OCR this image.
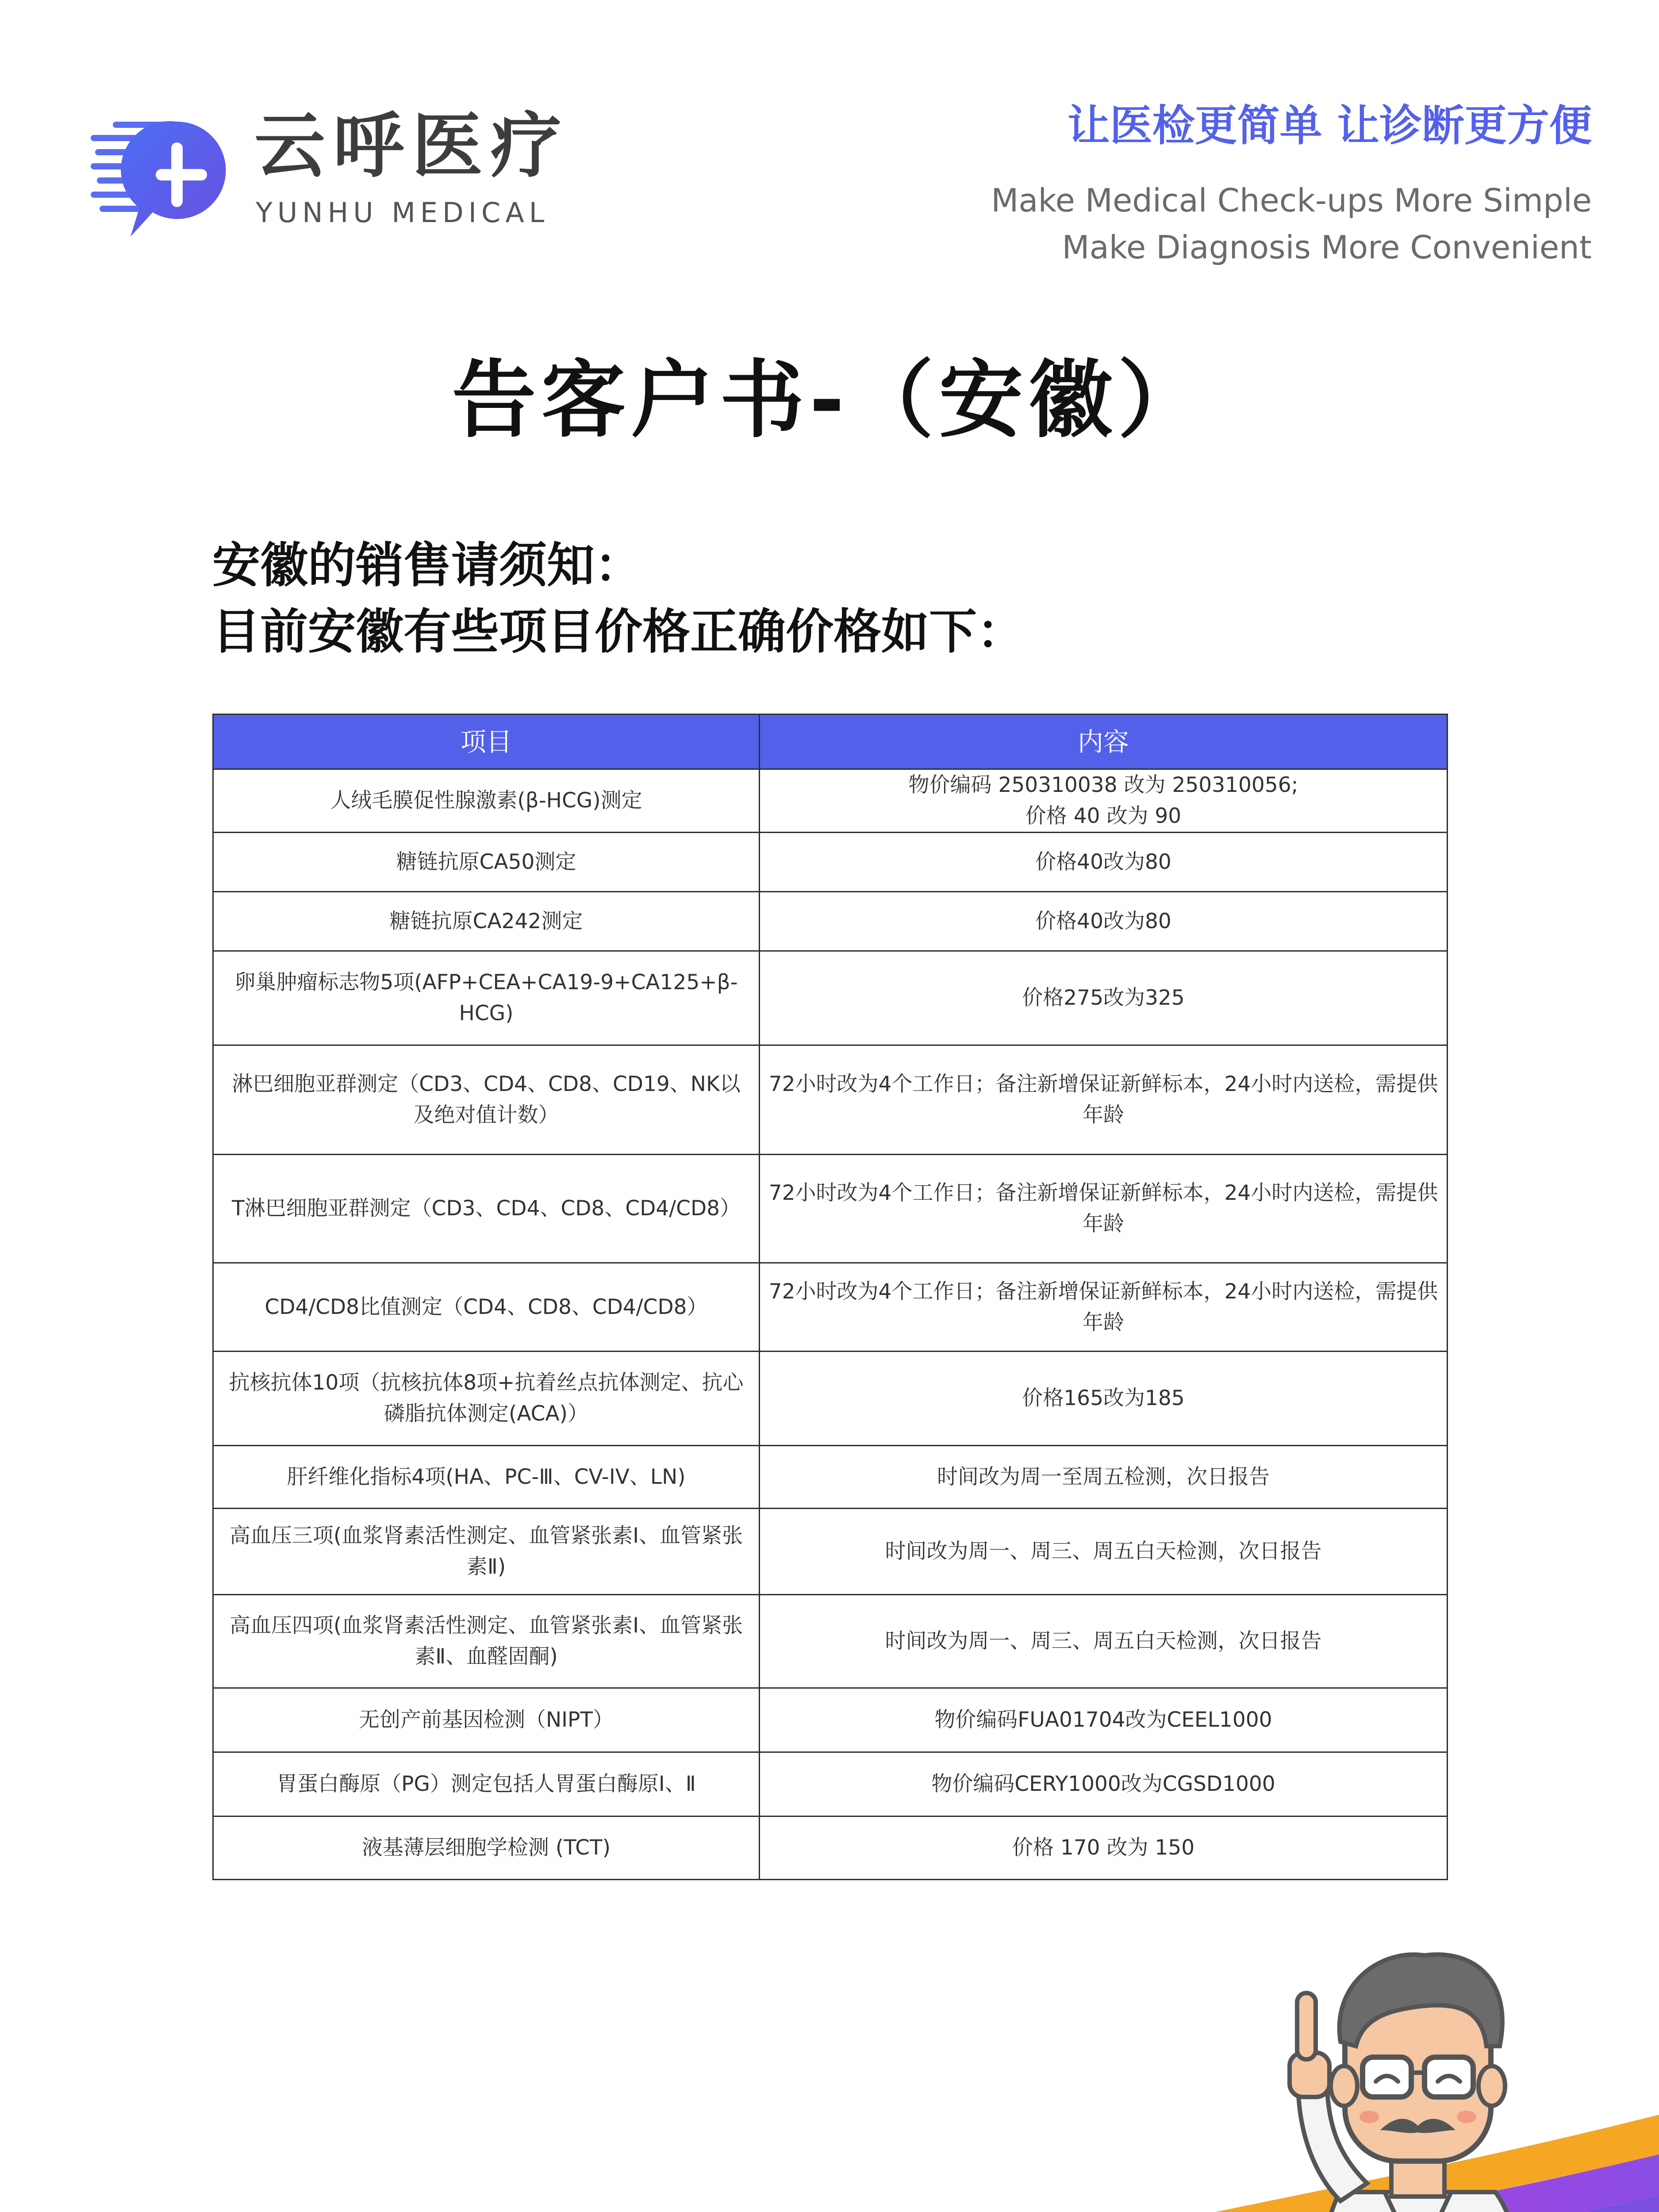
云呼医疗
YUNHU MEDICAL
让医检更简单 让诊断更方便
Make Medical Check-ups More Simple
Make Diagnosis More Convenient
告客户书-（安徽）
安徽的销售请须知：
目前安徽有些项目价格正确价格如下：
项目	内容
人绒毛膜促性腺激素(β-HCG)测定	物价编码 250310038 改为 250310056;
价格 40 改为 90
糖链抗原CA50测定	价格40改为80
糖链抗原CA242测定	价格40改为80
卵巢肿瘤标志物5项(AFP+CEA+CA19-9+CA125+β-HCG)	价格275改为325
淋巴细胞亚群测定（CD3、CD4、CD8、CD19、NK以及绝对值计数）	72小时改为4个工作日；备注新增保证新鲜标本，24小时内送检，需提供年龄
T淋巴细胞亚群测定（CD3、CD4、CD8、CD4/CD8）	72小时改为4个工作日；备注新增保证新鲜标本，24小时内送检，需提供年龄
CD4/CD8比值测定（CD4、CD8、CD4/CD8）	72小时改为4个工作日；备注新增保证新鲜标本，24小时内送检，需提供年龄
抗核抗体10项（抗核抗体8项+抗着丝点抗体测定、抗心磷脂抗体测定(ACA)）	价格165改为185
肝纤维化指标4项(HA、PC-Ⅲ、CV-IV、LN)	时间改为周一至周五检测，次日报告
高血压三项(血浆肾素活性测定、血管紧张素Ⅰ、血管紧张素Ⅱ)	时间改为周一、周三、周五白天检测，次日报告
高血压四项(血浆肾素活性测定、血管紧张素Ⅰ、血管紧张素Ⅱ、血醛固酮)	时间改为周一、周三、周五白天检测，次日报告
无创产前基因检测（NIPT）	物价编码FUA01704改为CEEL1000
胃蛋白酶原（PG）测定包括人胃蛋白酶原Ⅰ、Ⅱ	物价编码CERY1000改为CGSD1000
液基薄层细胞学检测 (TCT)	价格 170 改为 150
